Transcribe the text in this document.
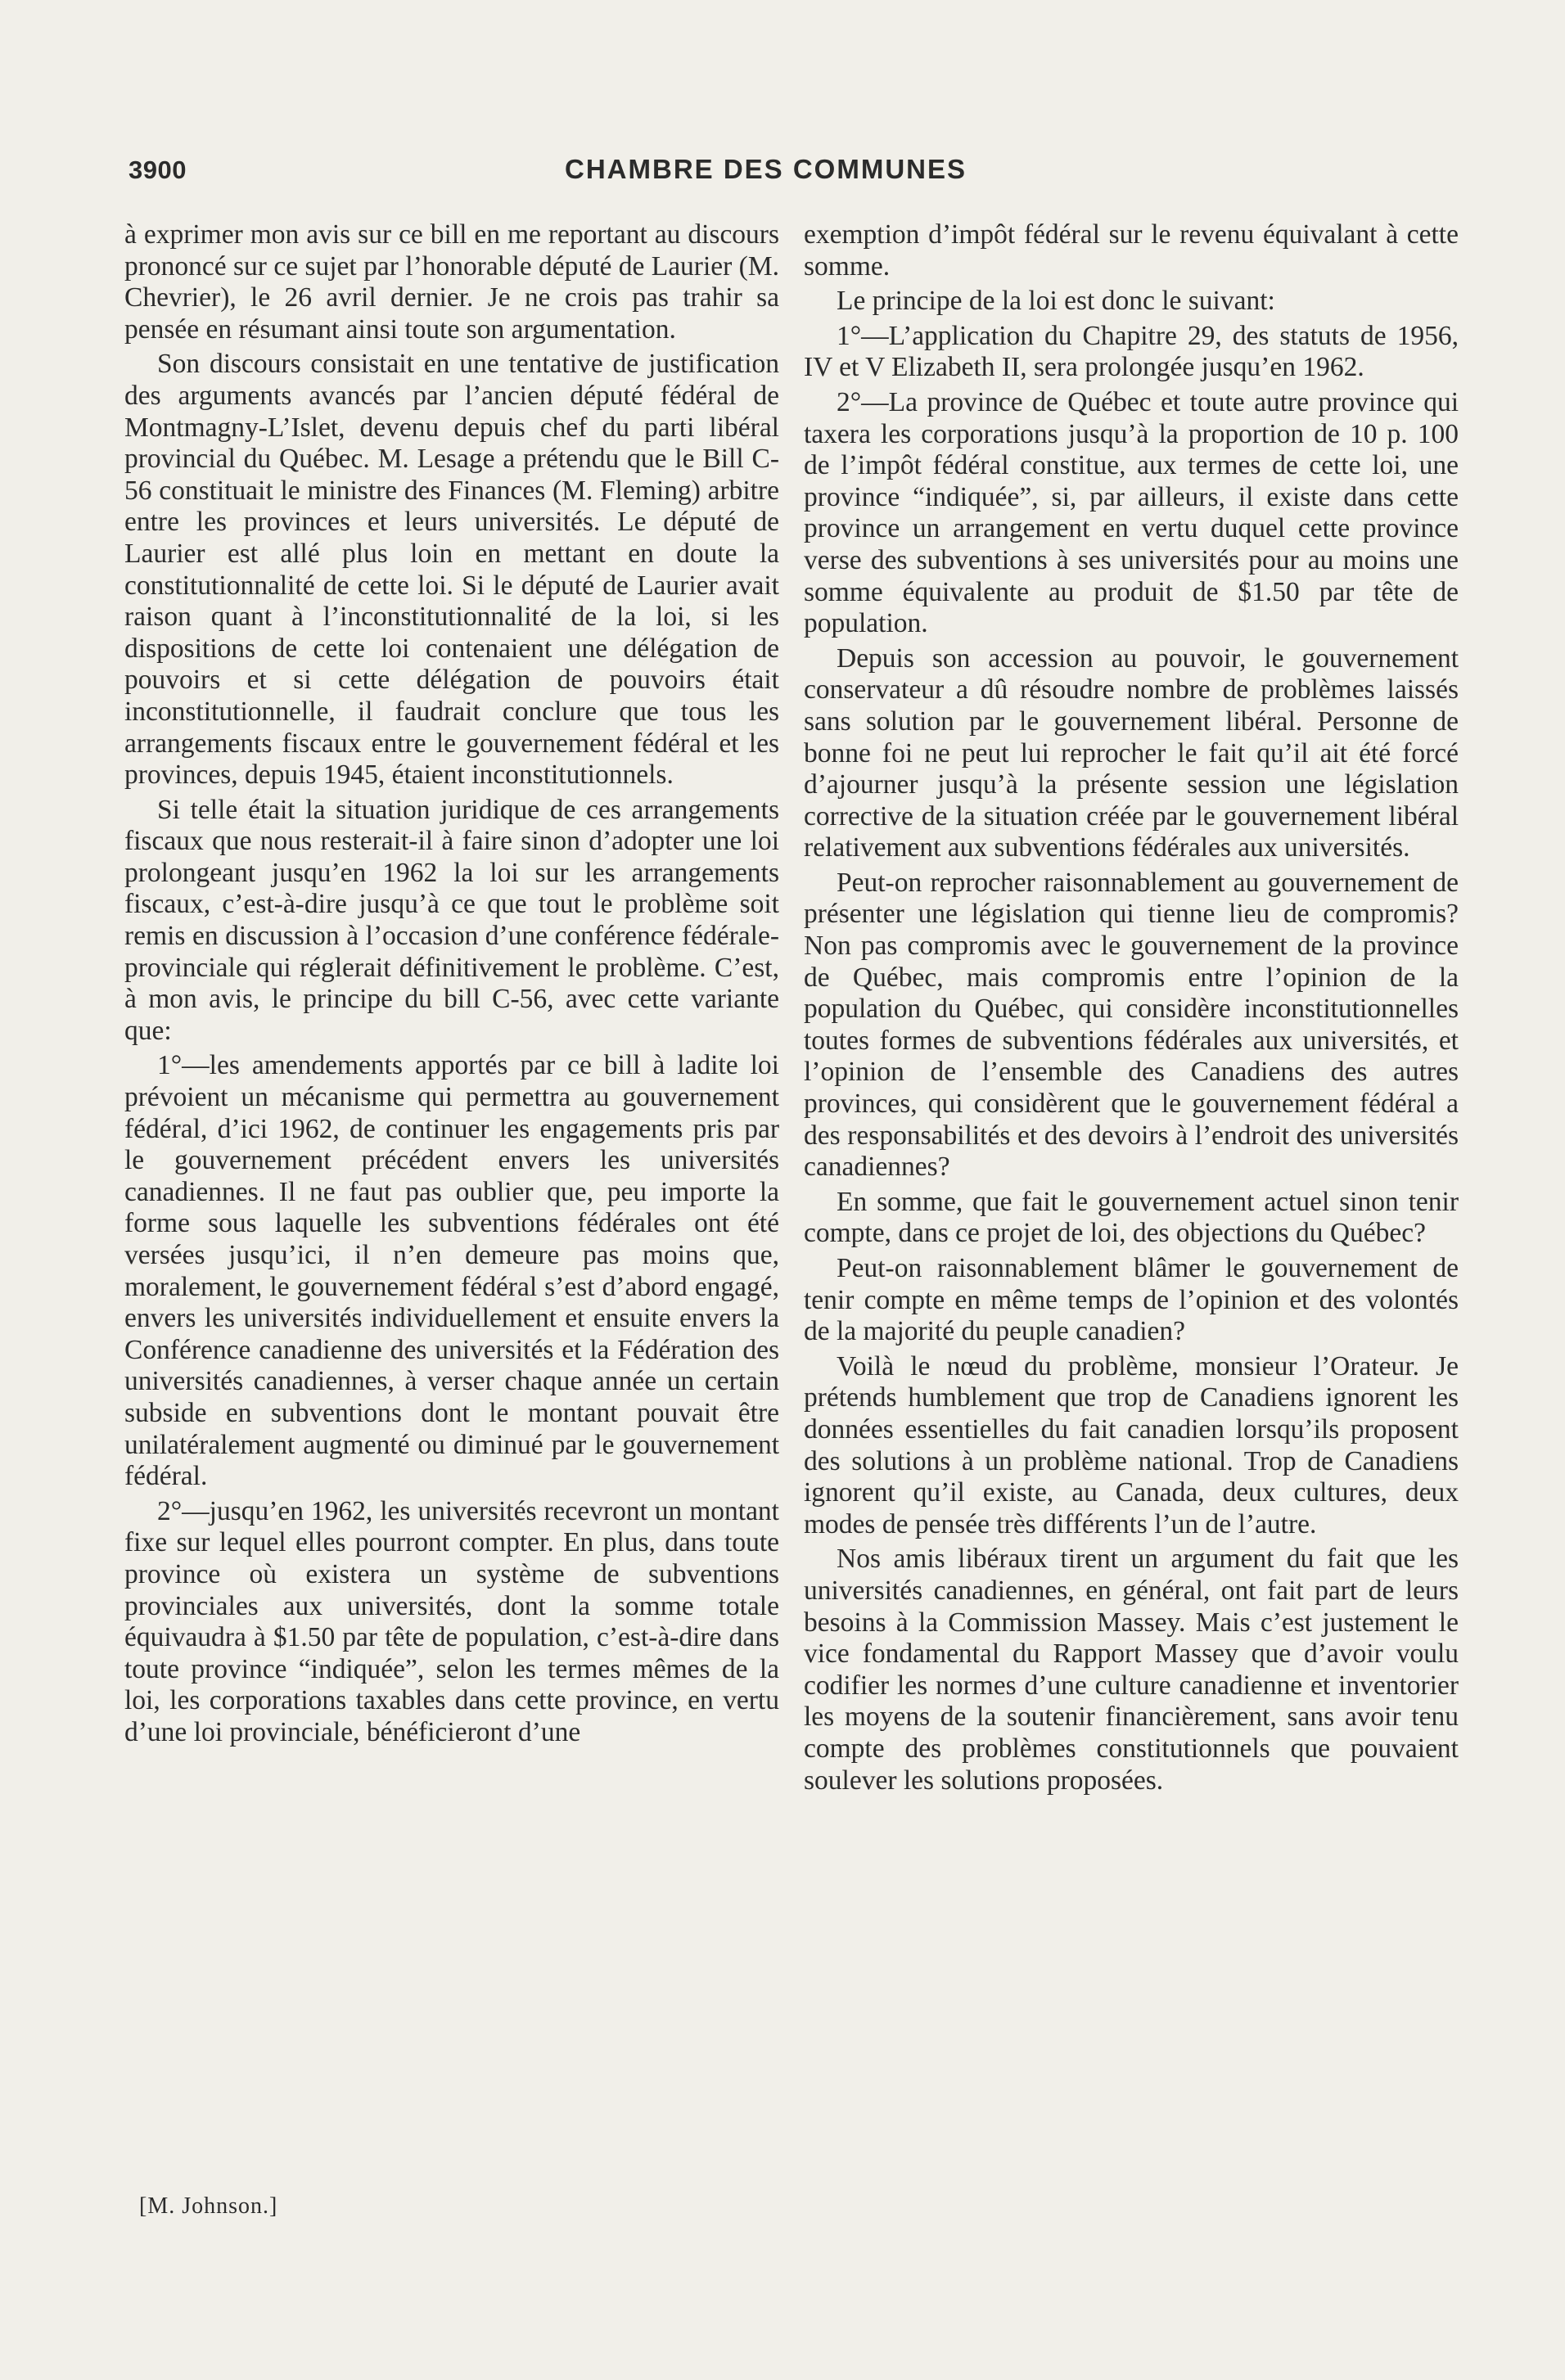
3900	CHAMBRE DES COMMUNES

à exprimer mon avis sur ce bill en me reportant au discours prononcé sur ce sujet par l’honorable député de Laurier (M. Chevrier), le 26 avril dernier. Je ne crois pas trahir sa pensée en résumant ainsi toute son argumentation.

Son discours consistait en une tentative de justification des arguments avancés par l’ancien député fédéral de Montmagny-L’Islet, devenu depuis chef du parti libéral provincial du Québec. M. Lesage a prétendu que le Bill C-56 constituait le ministre des Finances (M. Fleming) arbitre entre les provinces et leurs universités. Le député de Laurier est allé plus loin en mettant en doute la constitutionnalité de cette loi. Si le député de Laurier avait raison quant à l’inconstitutionnalité de la loi, si les dispositions de cette loi contenaient une délégation de pouvoirs et si cette délégation de pouvoirs était inconstitutionnelle, il faudrait conclure que tous les arrangements fiscaux entre le gouvernement fédéral et les provinces, depuis 1945, étaient inconstitutionnels.

Si telle était la situation juridique de ces arrangements fiscaux que nous resterait-il à faire sinon d’adopter une loi prolongeant jusqu’en 1962 la loi sur les arrangements fiscaux, c’est-à-dire jusqu’à ce que tout le problème soit remis en discussion à l’occasion d’une conférence fédérale-provinciale qui réglerait définitivement le problème. C’est, à mon avis, le principe du bill C-56, avec cette variante que:

1°—les amendements apportés par ce bill à ladite loi prévoient un mécanisme qui permettra au gouvernement fédéral, d’ici 1962, de continuer les engagements pris par le gouvernement précédent envers les universités canadiennes. Il ne faut pas oublier que, peu importe la forme sous laquelle les subventions fédérales ont été versées jusqu’ici, il n’en demeure pas moins que, moralement, le gouvernement fédéral s’est d’abord engagé, envers les universités individuellement et ensuite envers la Conférence canadienne des universités et la Fédération des universités canadiennes, à verser chaque année un certain subside en subventions dont le montant pouvait être unilatéralement augmenté ou diminué par le gouvernement fédéral.

2°—jusqu’en 1962, les universités recevront un montant fixe sur lequel elles pourront compter. En plus, dans toute province où existera un système de subventions provinciales aux universités, dont la somme totale équivaudra à $1.50 par tête de population, c’est-à-dire dans toute province “indiquée”, selon les termes mêmes de la loi, les corporations taxables dans cette province, en vertu d’une loi provinciale, bénéficieront d’une

exemption d’impôt fédéral sur le revenu équivalant à cette somme.

Le principe de la loi est donc le suivant:

1°—L’application du Chapitre 29, des statuts de 1956, IV et V Elizabeth II, sera prolongée jusqu’en 1962.

2°—La province de Québec et toute autre province qui taxera les corporations jusqu’à la proportion de 10 p. 100 de l’impôt fédéral constitue, aux termes de cette loi, une province “indiquée”, si, par ailleurs, il existe dans cette province un arrangement en vertu duquel cette province verse des subventions à ses universités pour au moins une somme équivalente au produit de $1.50 par tête de population.

Depuis son accession au pouvoir, le gouvernement conservateur a dû résoudre nombre de problèmes laissés sans solution par le gouvernement libéral. Personne de bonne foi ne peut lui reprocher le fait qu’il ait été forcé d’ajourner jusqu’à la présente session une législation corrective de la situation créée par le gouvernement libéral relativement aux subventions fédérales aux universités.

Peut-on reprocher raisonnablement au gouvernement de présenter une législation qui tienne lieu de compromis? Non pas compromis avec le gouvernement de la province de Québec, mais compromis entre l’opinion de la population du Québec, qui considère inconstitutionnelles toutes formes de subventions fédérales aux universités, et l’opinion de l’ensemble des Canadiens des autres provinces, qui considèrent que le gouvernement fédéral a des responsabilités et des devoirs à l’endroit des universités canadiennes?

En somme, que fait le gouvernement actuel sinon tenir compte, dans ce projet de loi, des objections du Québec?

Peut-on raisonnablement blâmer le gouvernement de tenir compte en même temps de l’opinion et des volontés de la majorité du peuple canadien?

Voilà le nœud du problème, monsieur l’Orateur. Je prétends humblement que trop de Canadiens ignorent les données essentielles du fait canadien lorsqu’ils proposent des solutions à un problème national. Trop de Canadiens ignorent qu’il existe, au Canada, deux cultures, deux modes de pensée très différents l’un de l’autre.

Nos amis libéraux tirent un argument du fait que les universités canadiennes, en général, ont fait part de leurs besoins à la Commission Massey. Mais c’est justement le vice fondamental du Rapport Massey que d’avoir voulu codifier les normes d’une culture canadienne et inventorier les moyens de la soutenir financièrement, sans avoir tenu compte des problèmes constitutionnels que pouvaient soulever les solutions proposées.

[M. Johnson.]
